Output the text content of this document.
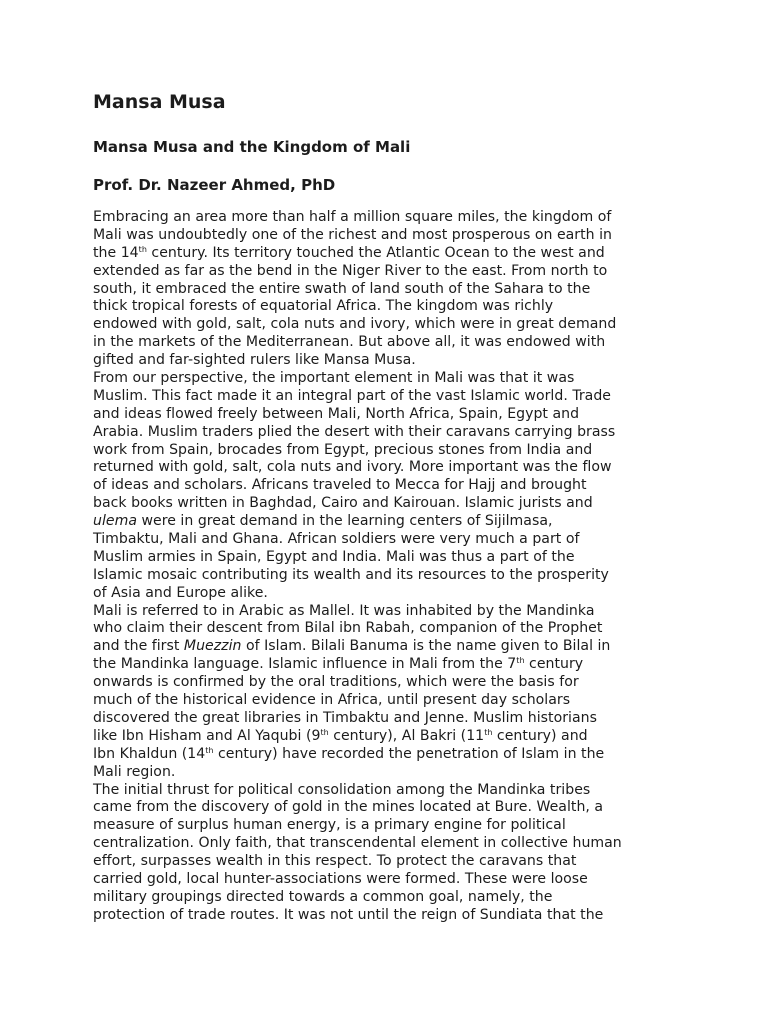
Mansa Musa
Mansa Musa and the Kingdom of Mali
Prof. Dr. Nazeer Ahmed, PhD
Embracing an area more than half a million square miles, the kingdom of
Mali was undoubtedly one of the richest and most prosperous on earth in
the 14th century. Its territory touched the Atlantic Ocean to the west and
extended as far as the bend in the Niger River to the east. From north to
south, it embraced the entire swath of land south of the Sahara to the
thick tropical forests of equatorial Africa. The kingdom was richly
endowed with gold, salt, cola nuts and ivory, which were in great demand
in the markets of the Mediterranean. But above all, it was endowed with
gifted and far-sighted rulers like Mansa Musa.
From our perspective, the important element in Mali was that it was
Muslim. This fact made it an integral part of the vast Islamic world. Trade
and ideas flowed freely between Mali, North Africa, Spain, Egypt and
Arabia. Muslim traders plied the desert with their caravans carrying brass
work from Spain, brocades from Egypt, precious stones from India and
returned with gold, salt, cola nuts and ivory. More important was the flow
of ideas and scholars. Africans traveled to Mecca for Hajj and brought
back books written in Baghdad, Cairo and Kairouan. Islamic jurists and
ulema were in great demand in the learning centers of Sijilmasa,
Timbaktu, Mali and Ghana. African soldiers were very much a part of
Muslim armies in Spain, Egypt and India. Mali was thus a part of the
Islamic mosaic contributing its wealth and its resources to the prosperity
of Asia and Europe alike.
Mali is referred to in Arabic as Mallel. It was inhabited by the Mandinka
who claim their descent from Bilal ibn Rabah, companion of the Prophet
and the first Muezzin of Islam. Bilali Banuma is the name given to Bilal in
the Mandinka language. Islamic influence in Mali from the 7th century
onwards is confirmed by the oral traditions, which were the basis for
much of the historical evidence in Africa, until present day scholars
discovered the great libraries in Timbaktu and Jenne. Muslim historians
like Ibn Hisham and Al Yaqubi (9th century), Al Bakri (11th century) and
Ibn Khaldun (14th century) have recorded the penetration of Islam in the
Mali region.
The initial thrust for political consolidation among the Mandinka tribes
came from the discovery of gold in the mines located at Bure. Wealth, a
measure of surplus human energy, is a primary engine for political
centralization. Only faith, that transcendental element in collective human
effort, surpasses wealth in this respect. To protect the caravans that
carried gold, local hunter-associations were formed. These were loose
military groupings directed towards a common goal, namely, the
protection of trade routes. It was not until the reign of Sundiata that the
